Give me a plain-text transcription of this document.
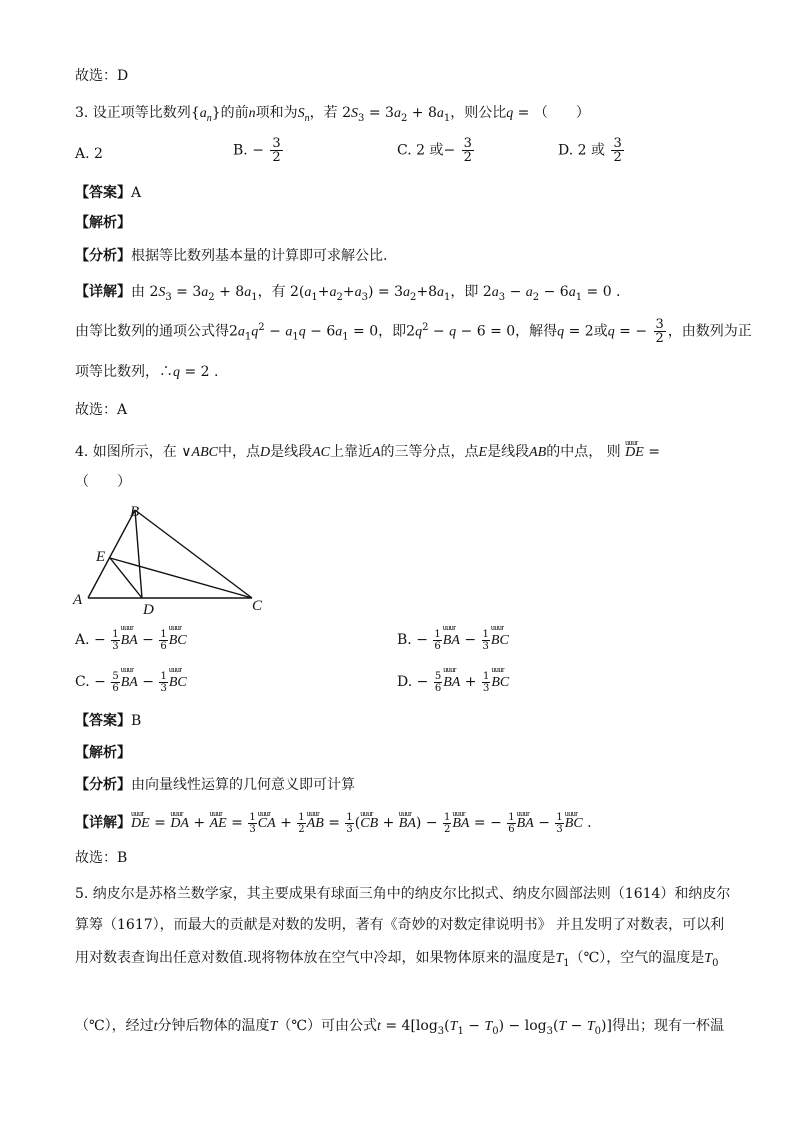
故选：D
3. 设正项等比数列$\{a_n\}$的前n项和为$S_n$，若 $2S_3 = 3a_2 + 8a_1$，则公比q = （　　）
A. 2	B. − $\frac{3}{2}$	C. 2 或− $\frac{3}{2}$	D. 2 或 $\frac{3}{2}$
【答案】A
【解析】
【分析】根据等比数列基本量的计算即可求解公比.
【详解】由 $2S_3 = 3a_2 + 8a_1$，有 $2(a_1+a_2+a_3) = 3a_2+8a_1$，即 $2a_3 - a_2 - 6a_1 = 0$ .
由等比数列的通项公式得$2a_1q^2 - a_1q - 6a_1 = 0$，即$2q^2 - q - 6 = 0$，解得q = 2或q = − $\frac{3}{2}$ ，由数列为正
项等比数列，∴q = 2 .
故选：A
4. 如图所示，在 ∨ABC中，点D是线段AC上靠近A的三等分点，点E是线段AB的中点， 则 uuur DE =
（　　）
A
B
C
D
E
A. − $\frac{1}{3}$ uuur BA − $\frac{1}{6}$ uuur BC	B. − $\frac{1}{6}$ uuur BA − $\frac{1}{3}$ uuur BC
C. − $\frac{5}{6}$ uuur BA − $\frac{1}{3}$ uuur BC	D. − $\frac{5}{6}$ uuur BA + $\frac{1}{3}$ uuur BC
【答案】B
【解析】
【分析】由向量线性运算的几何意义即可计算
【详解】uuur DE = uuur DA + uuur AE = $\frac{1}{3}$ uuur CA + $\frac{1}{2}$ uuur AB = $\frac{1}{3}$ (uuur CB + uuur $BA) - \frac{1}{2}$ uuur BA = − $\frac{1}{6}$ uuur BA − $\frac{1}{3}$ uuur BC .
故选：B
5. 纳皮尔是苏格兰数学家，其主要成果有球面三角中的纳皮尔比拟式、纳皮尔圆部法则（1614）和纳皮尔
算筹（1617），而最大的贡献是对数的发明，著有《奇妙的对数定律说明书》 并且发明了对数表，可以利
用对数表查询出任意对数值.现将物体放在空气中冷却，如果物体原来的温度是$T_1(℃)$，空气的温度是$T_0$
（℃），经过t分钟后物体的温度T（℃）可由公式$t = 4[\log_3(T_1 - T_0) - \log_3(T - T_0)]$得出；现有一杯温
